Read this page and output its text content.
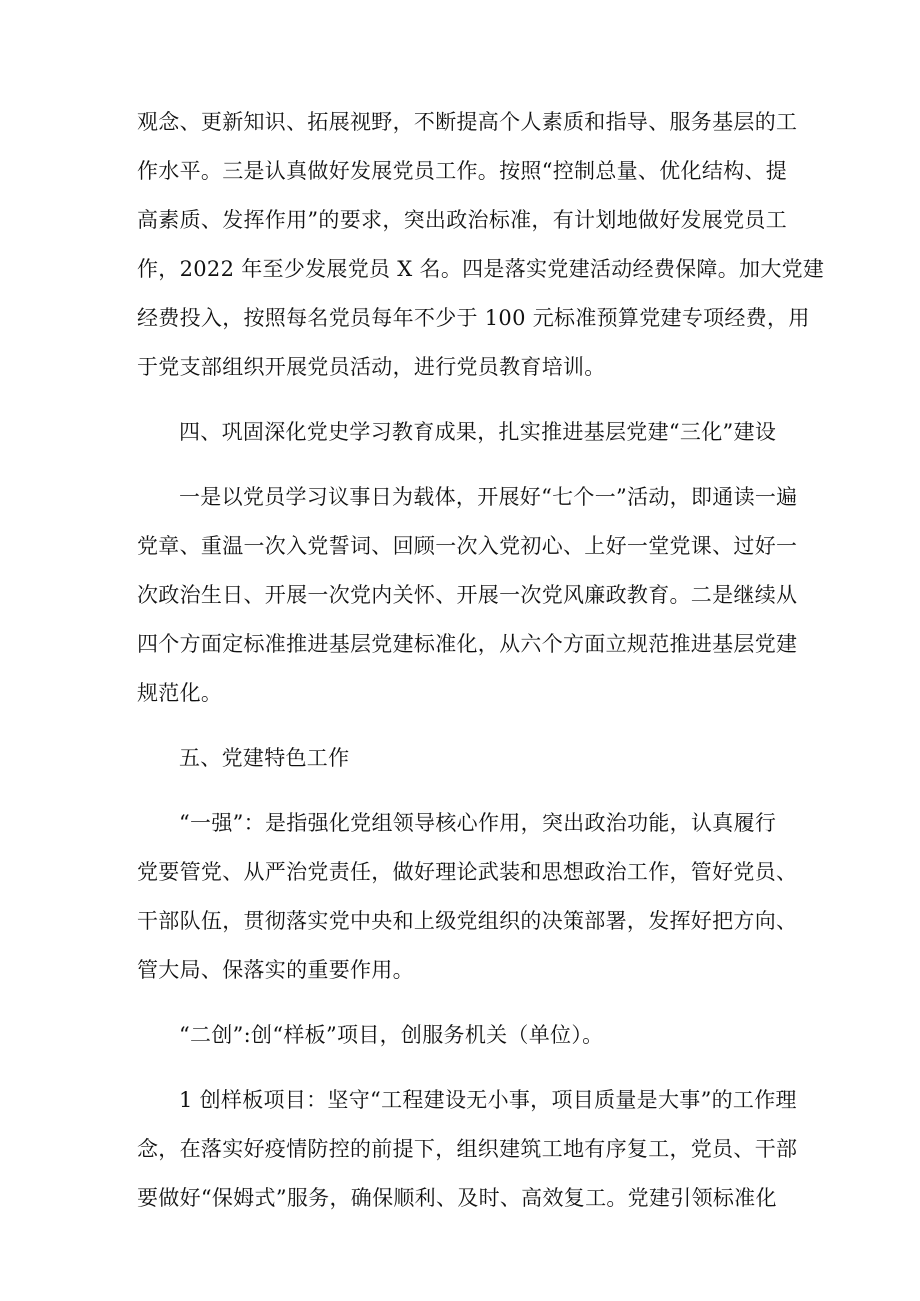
观念、更新知识、拓展视野，不断提高个人素质和指导、服务基层的工
作水平。三是认真做好发展党员工作。按照“控制总量、优化结构、提
高素质、发挥作用”的要求，突出政治标准，有计划地做好发展党员工
作，2022 年至少发展党员 X 名。四是落实党建活动经费保障。加大党建
经费投入，按照每名党员每年不少于 100 元标准预算党建专项经费，用
于党支部组织开展党员活动，进行党员教育培训。

四、巩固深化党史学习教育成果，扎实推进基层党建“三化”建设

一是以党员学习议事日为载体，开展好“七个一”活动，即通读一遍
党章、重温一次入党誓词、回顾一次入党初心、上好一堂党课、过好一
次政治生日、开展一次党内关怀、开展一次党风廉政教育。二是继续从
四个方面定标准推进基层党建标准化，从六个方面立规范推进基层党建
规范化。

五、党建特色工作

“一强”：是指强化党组领导核心作用，突出政治功能，认真履行
党要管党、从严治党责任，做好理论武装和思想政治工作，管好党员、
干部队伍，贯彻落实党中央和上级党组织的决策部署，发挥好把方向、
管大局、保落实的重要作用。

“二创”:创“样板”项目，创服务机关（单位）。

1 创样板项目：坚守“工程建设无小事，项目质量是大事”的工作理
念，在落实好疫情防控的前提下，组织建筑工地有序复工，党员、干部
要做好“保姆式”服务，确保顺利、及时、高效复工。党建引领标准化
